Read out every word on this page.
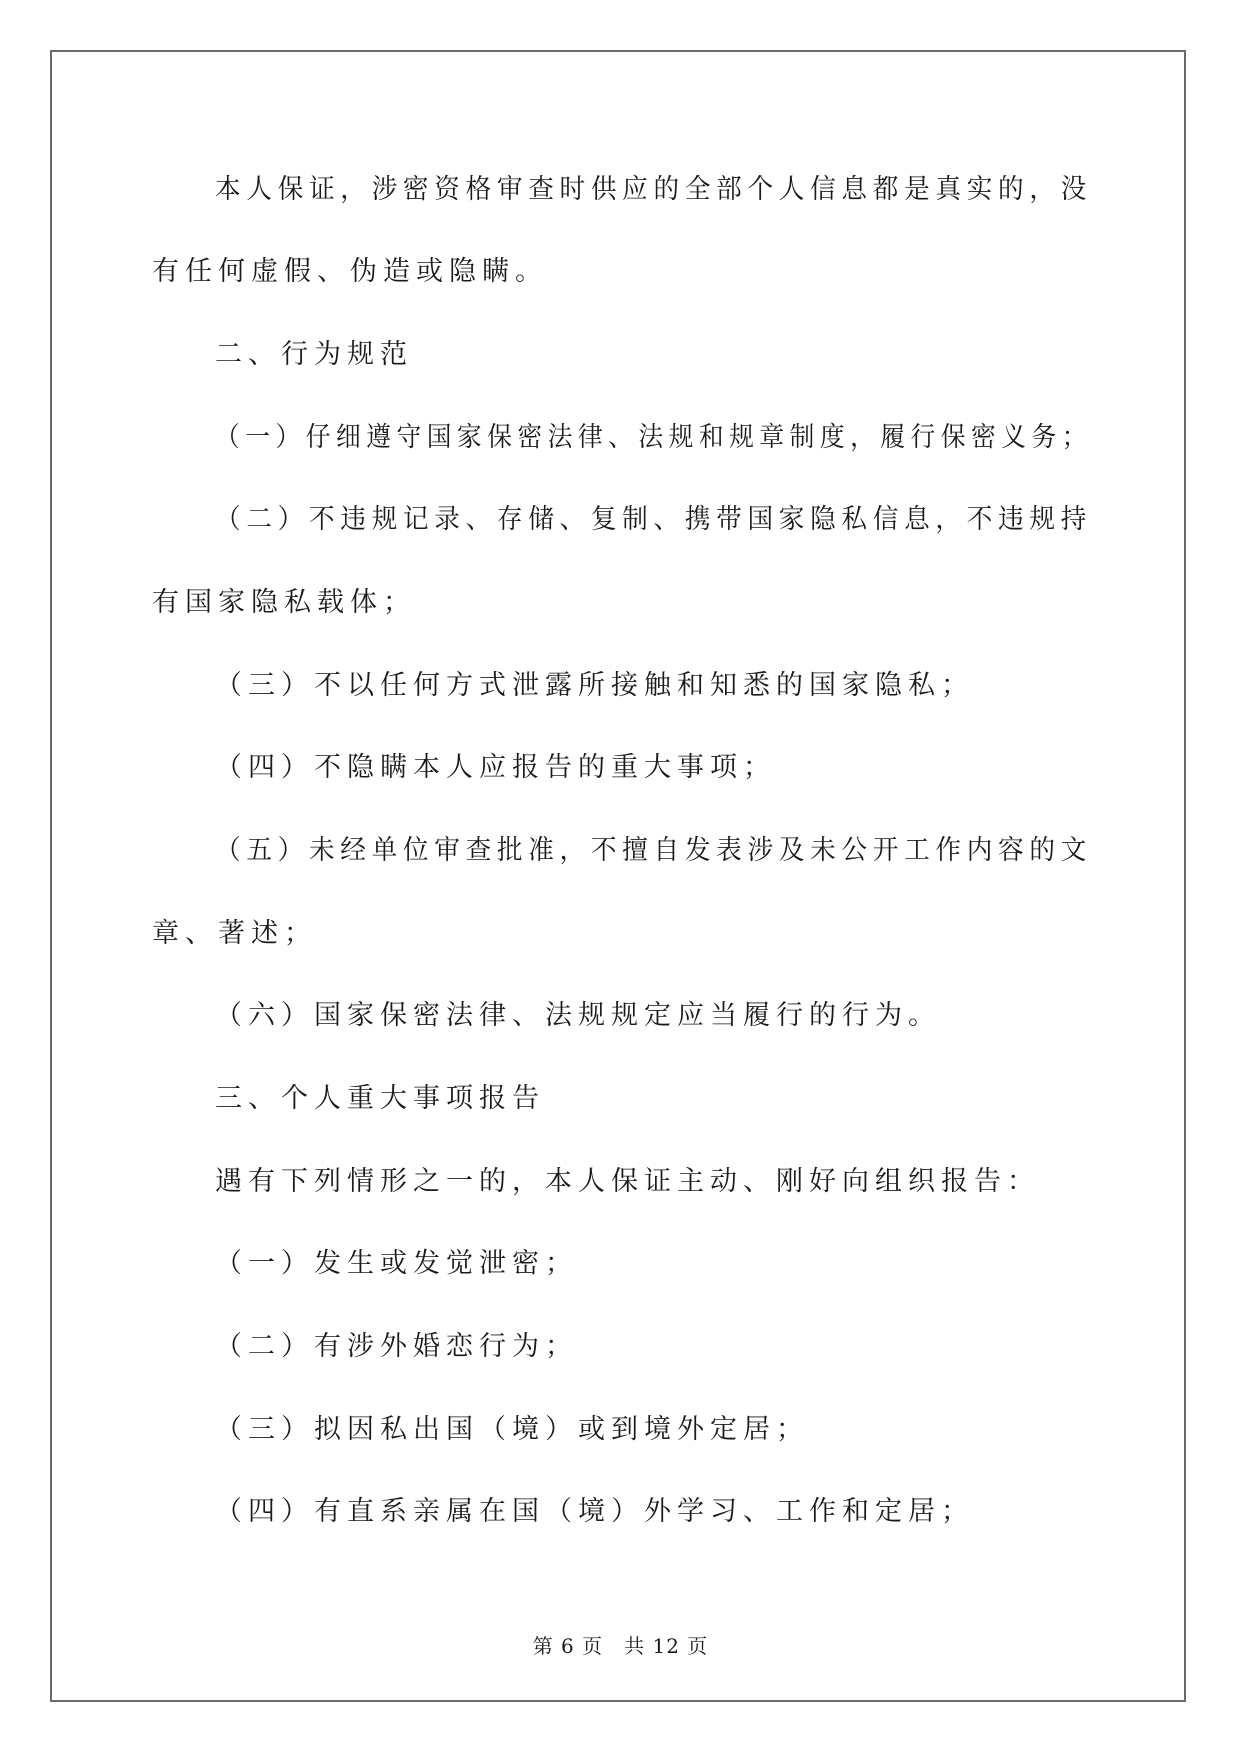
本人保证，涉密资格审查时供应的全部个人信息都是真实的，没
有任何虚假、伪造或隐瞒。
二、行为规范
（一）仔细遵守国家保密法律、法规和规章制度，履行保密义务；
（二）不违规记录、存储、复制、携带国家隐私信息，不违规持
有国家隐私载体；
（三）不以任何方式泄露所接触和知悉的国家隐私；
（四）不隐瞒本人应报告的重大事项；
（五）未经单位审查批准，不擅自发表涉及未公开工作内容的文
章、著述；
（六）国家保密法律、法规规定应当履行的行为。
三、个人重大事项报告
遇有下列情形之一的，本人保证主动、刚好向组织报告：
（一）发生或发觉泄密；
（二）有涉外婚恋行为；
（三）拟因私出国（境）或到境外定居；
（四）有直系亲属在国（境）外学习、工作和定居；
第 6 页　共 12 页
